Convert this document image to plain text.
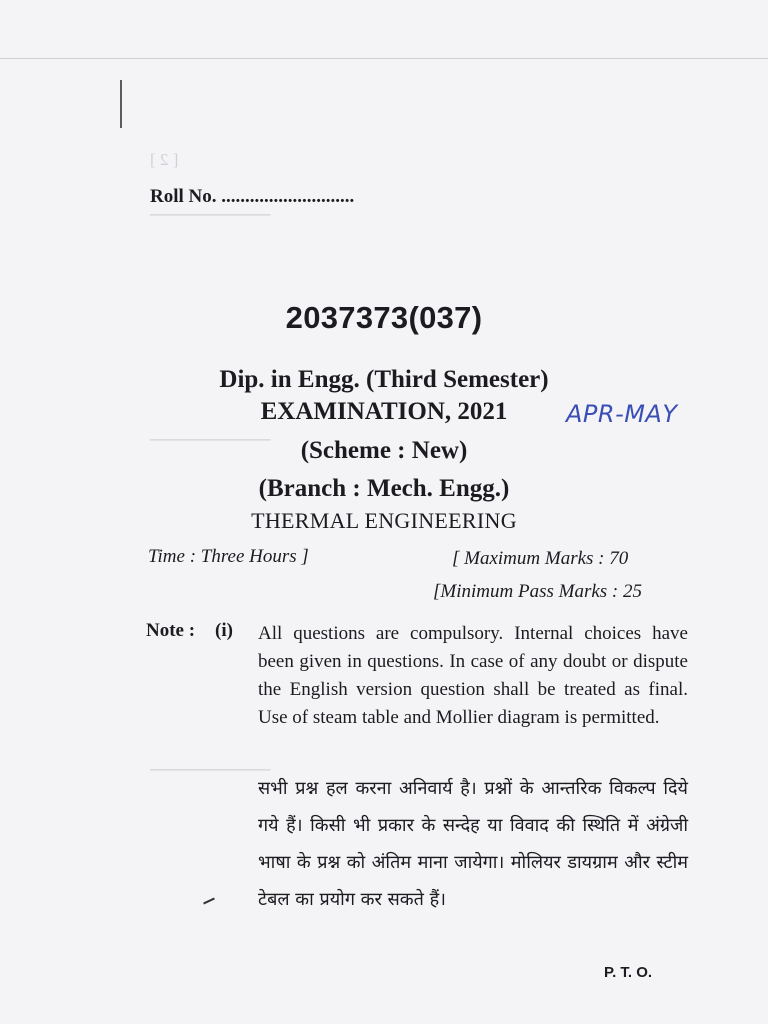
[ 2 ]
──────────
──────────
──────────
Roll No. ............................
2037373(037)
Dip. in Engg. (Third Semester)
EXAMINATION, 2021	APR-MAY
(Scheme : New)
(Branch : Mech. Engg.)
THERMAL ENGINEERING
Time : Three Hours ]	[ Maximum Marks : 70
[Minimum Pass Marks : 25
Note : (i) All questions are compulsory. Internal choices have been given in questions. In case of any doubt or dispute the English version question shall be treated as final. Use of steam table and Mollier diagram is permitted.
सभी प्रश्न हल करना अनिवार्य है। प्रश्नों के आन्तरिक विकल्प दिये गये हैं। किसी भी प्रकार के सन्देह या विवाद की स्थिति में अंग्रेजी भाषा के प्रश्न को अंतिम माना जायेगा। मोलियर डायग्राम और स्टीम टेबल का प्रयोग कर सकते हैं।
P. T. O.
